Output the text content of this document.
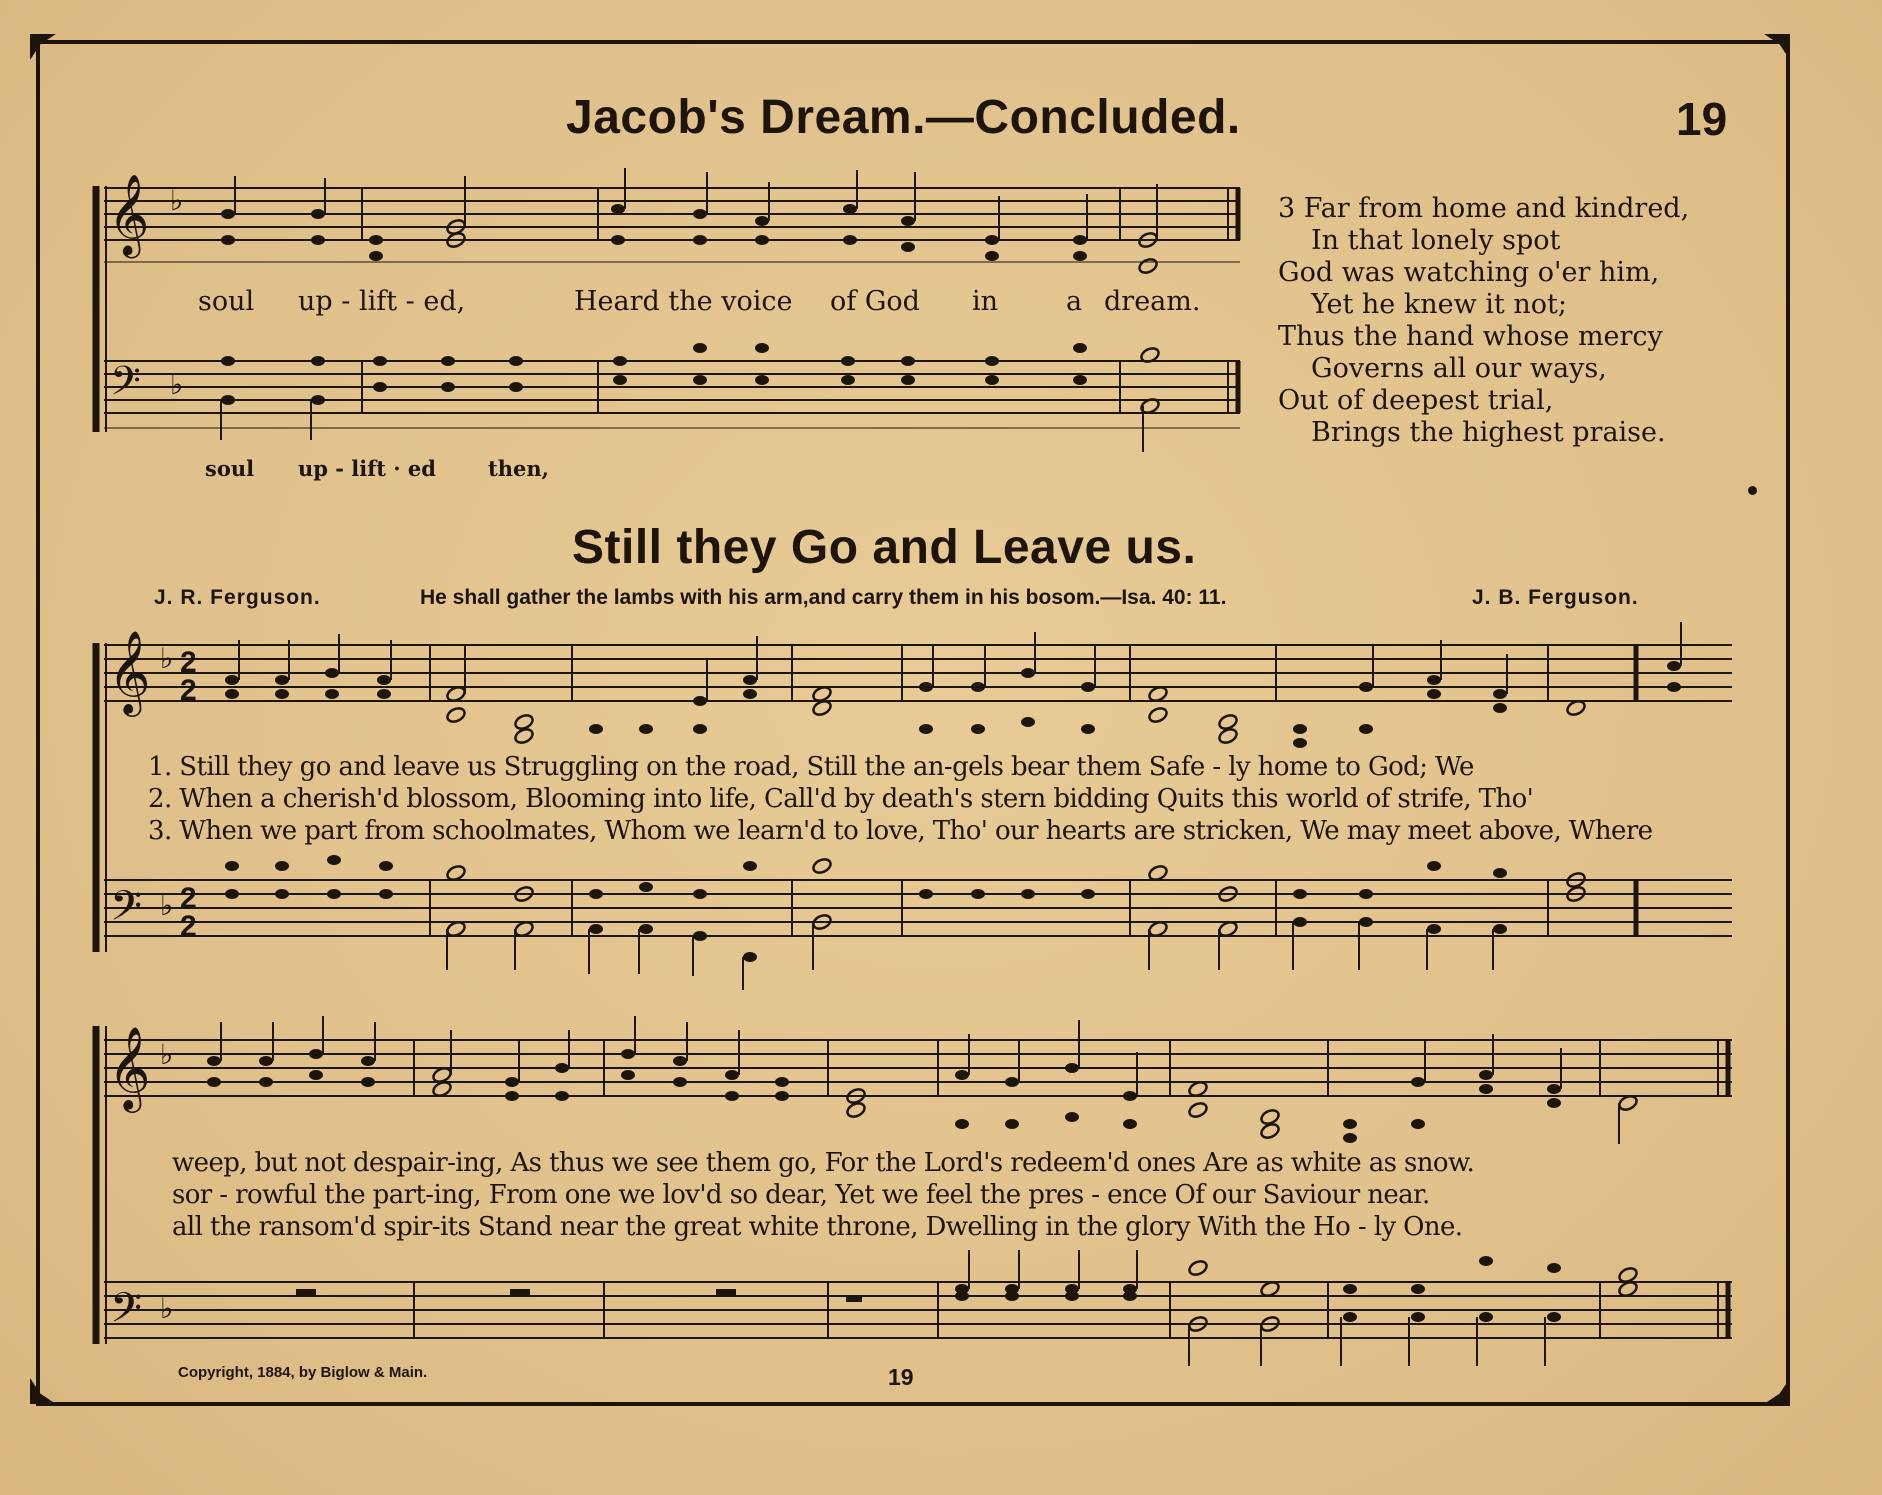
Jacob's Dream.—Concluded.	19
𝄞
𝄢
♭
♭
soul up - lift - ed,	Heard the voice of God in	a dream.
soul up - lift · ed then,
3 Far from home and kindred,
In that lonely spot
God was watching o'er him,
Yet he knew it not;
Thus the hand whose mercy
Governs all our ways,
Out of deepest trial,
Brings the highest praise.
Still they Go and Leave us.
J. R. Ferguson.	He shall gather the lambs with his arm,and carry them in his bosom.—Isa. 40: 11.	J. B. Ferguson.
𝄞
𝄢
♭
♭
2
2
2
2
1. Still they go and leave us Struggling on the road, Still the an-gels bear them Safe - ly home to God; We
2. When a cherish'd blossom, Blooming into life, Call'd by death's stern bidding Quits this world of strife, Tho'
3. When we part from schoolmates, Whom we learn'd to love, Tho' our hearts are stricken, We may meet above, Where
𝄞
𝄢
♭
♭
weep, but not despair-ing, As thus we see them go, For the Lord's redeem'd ones Are as white as snow.
sor - rowful the part-ing, From one we lov'd so dear, Yet we feel the pres - ence Of our Saviour near.
all the ransom'd spir-its Stand near the great white throne, Dwelling in the glory With the Ho - ly One.
Copyright, 1884, by Biglow & Main.	19
